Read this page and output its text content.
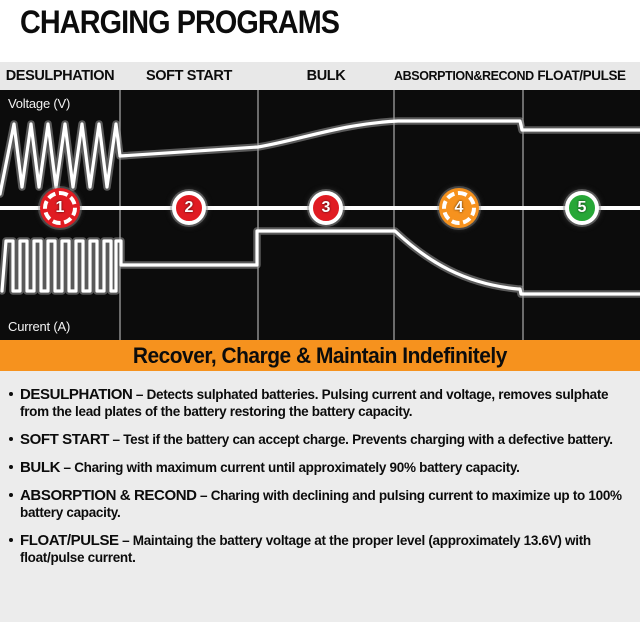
CHARGING PROGRAMS
DESULPHATION	SOFT START	BULK	ABSORPTION&RECOND FLOAT/PULSE
Voltage (V)
Current (A)
1	2	3	4	5
Recover, Charge & Maintain Indefinitely
DESULPHATION – Detects sulphated batteries. Pulsing current and voltage, removes sulphate from the lead plates of the battery restoring the battery capacity.
SOFT START – Test if the battery can accept charge. Prevents charging with a defective battery.
BULK – Charing with maximum current until approximately 90% battery capacity.
ABSORPTION & RECOND – Charing with declining and pulsing current to maximize up to 100% battery capacity.
FLOAT/PULSE – Maintaing the battery voltage at the proper level (approximately 13.6V) with float/pulse current.
